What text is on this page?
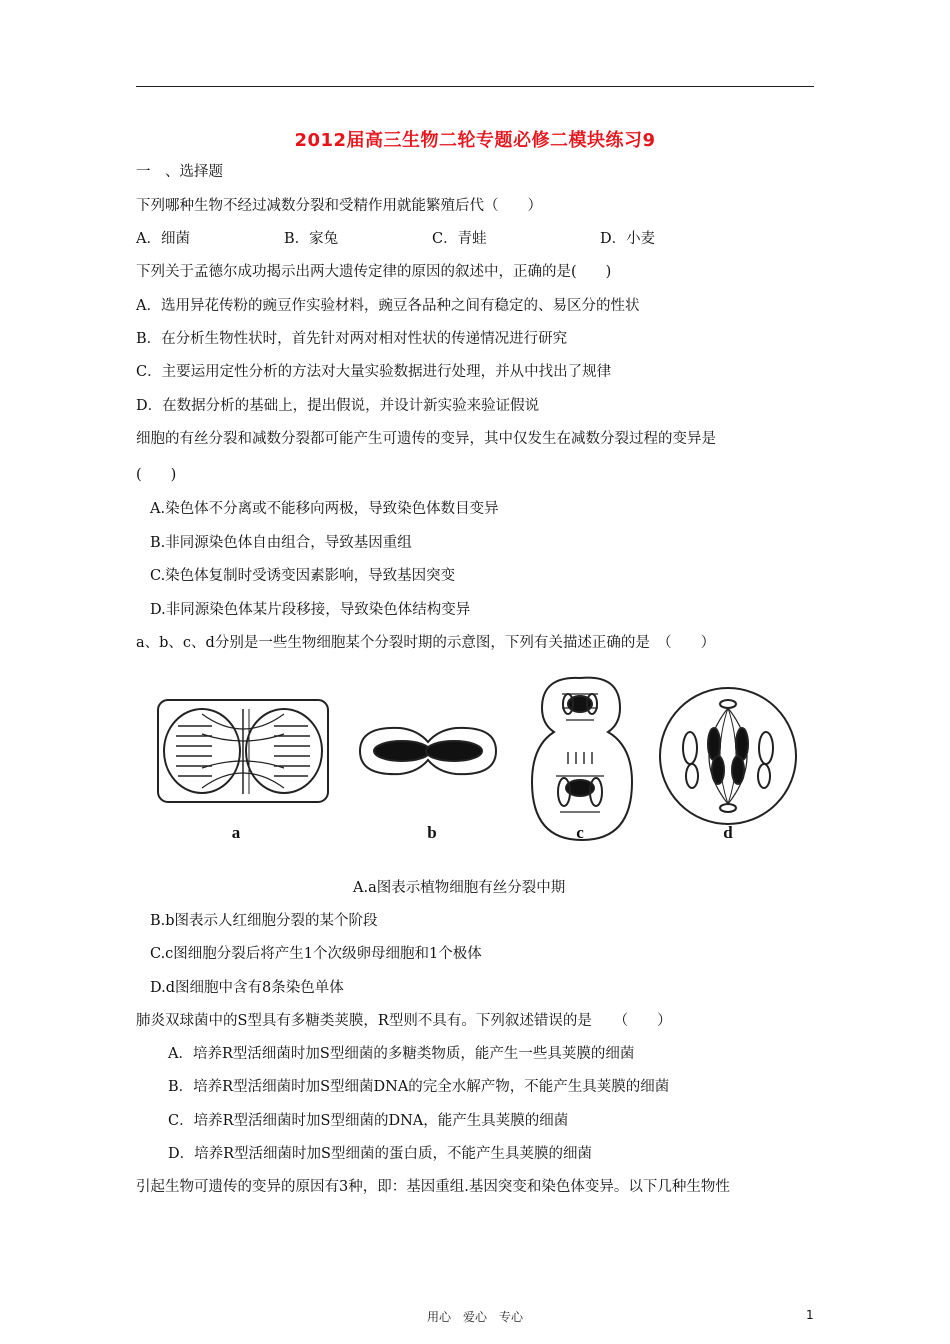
2012届高三生物二轮专题必修二模块练习9
一　、选择题
下列哪种生物不经过减数分裂和受精作用就能繁殖后代（　　）
A．细菌	B．家兔	C．青蛙	D．小麦
下列关于孟德尔成功揭示出两大遗传定律的原因的叙述中，正确的是(　　)
A．选用异花传粉的豌豆作实验材料，豌豆各品种之间有稳定的、易区分的性状
B．在分析生物性状时，首先针对两对相对性状的传递情况进行研究
C．主要运用定性分析的方法对大量实验数据进行处理，并从中找出了规律
D．在数据分析的基础上，提出假说，并设计新实验来验证假说
细胞的有丝分裂和减数分裂都可能产生可遗传的变异，其中仅发生在减数分裂过程的变异是
(　　)
A.染色体不分离或不能移向两极，导致染色体数目变异
B.非同源染色体自由组合，导致基因重组
C.染色体复制时受诱变因素影响，导致基因突变
D.非同源染色体某片段移接，导致染色体结构变异
a、b、c、d分别是一些生物细胞某个分裂时期的示意图，下列有关描述正确的是　（　　）
a	b	c	d
A.a图表示植物细胞有丝分裂中期
B.b图表示人红细胞分裂的某个阶段
C.c图细胞分裂后将产生1个次级卵母细胞和1个极体
D.d图细胞中含有8条染色单体
肺炎双球菌中的S型具有多糖类荚膜，R型则不具有。下列叙述错误的是　　（　　）
A．培养R型活细菌时加S型细菌的多糖类物质，能产生一些具荚膜的细菌
B．培养R型活细菌时加S型细菌DNA的完全水解产物，不能产生具荚膜的细菌
C．培养R型活细菌时加S型细菌的DNA，能产生具荚膜的细菌
D．培养R型活细菌时加S型细菌的蛋白质，不能产生具荚膜的细菌
引起生物可遗传的变异的原因有3种，即：基因重组.基因突变和染色体变异。以下几种生物性
用心　爱心　专心	1
